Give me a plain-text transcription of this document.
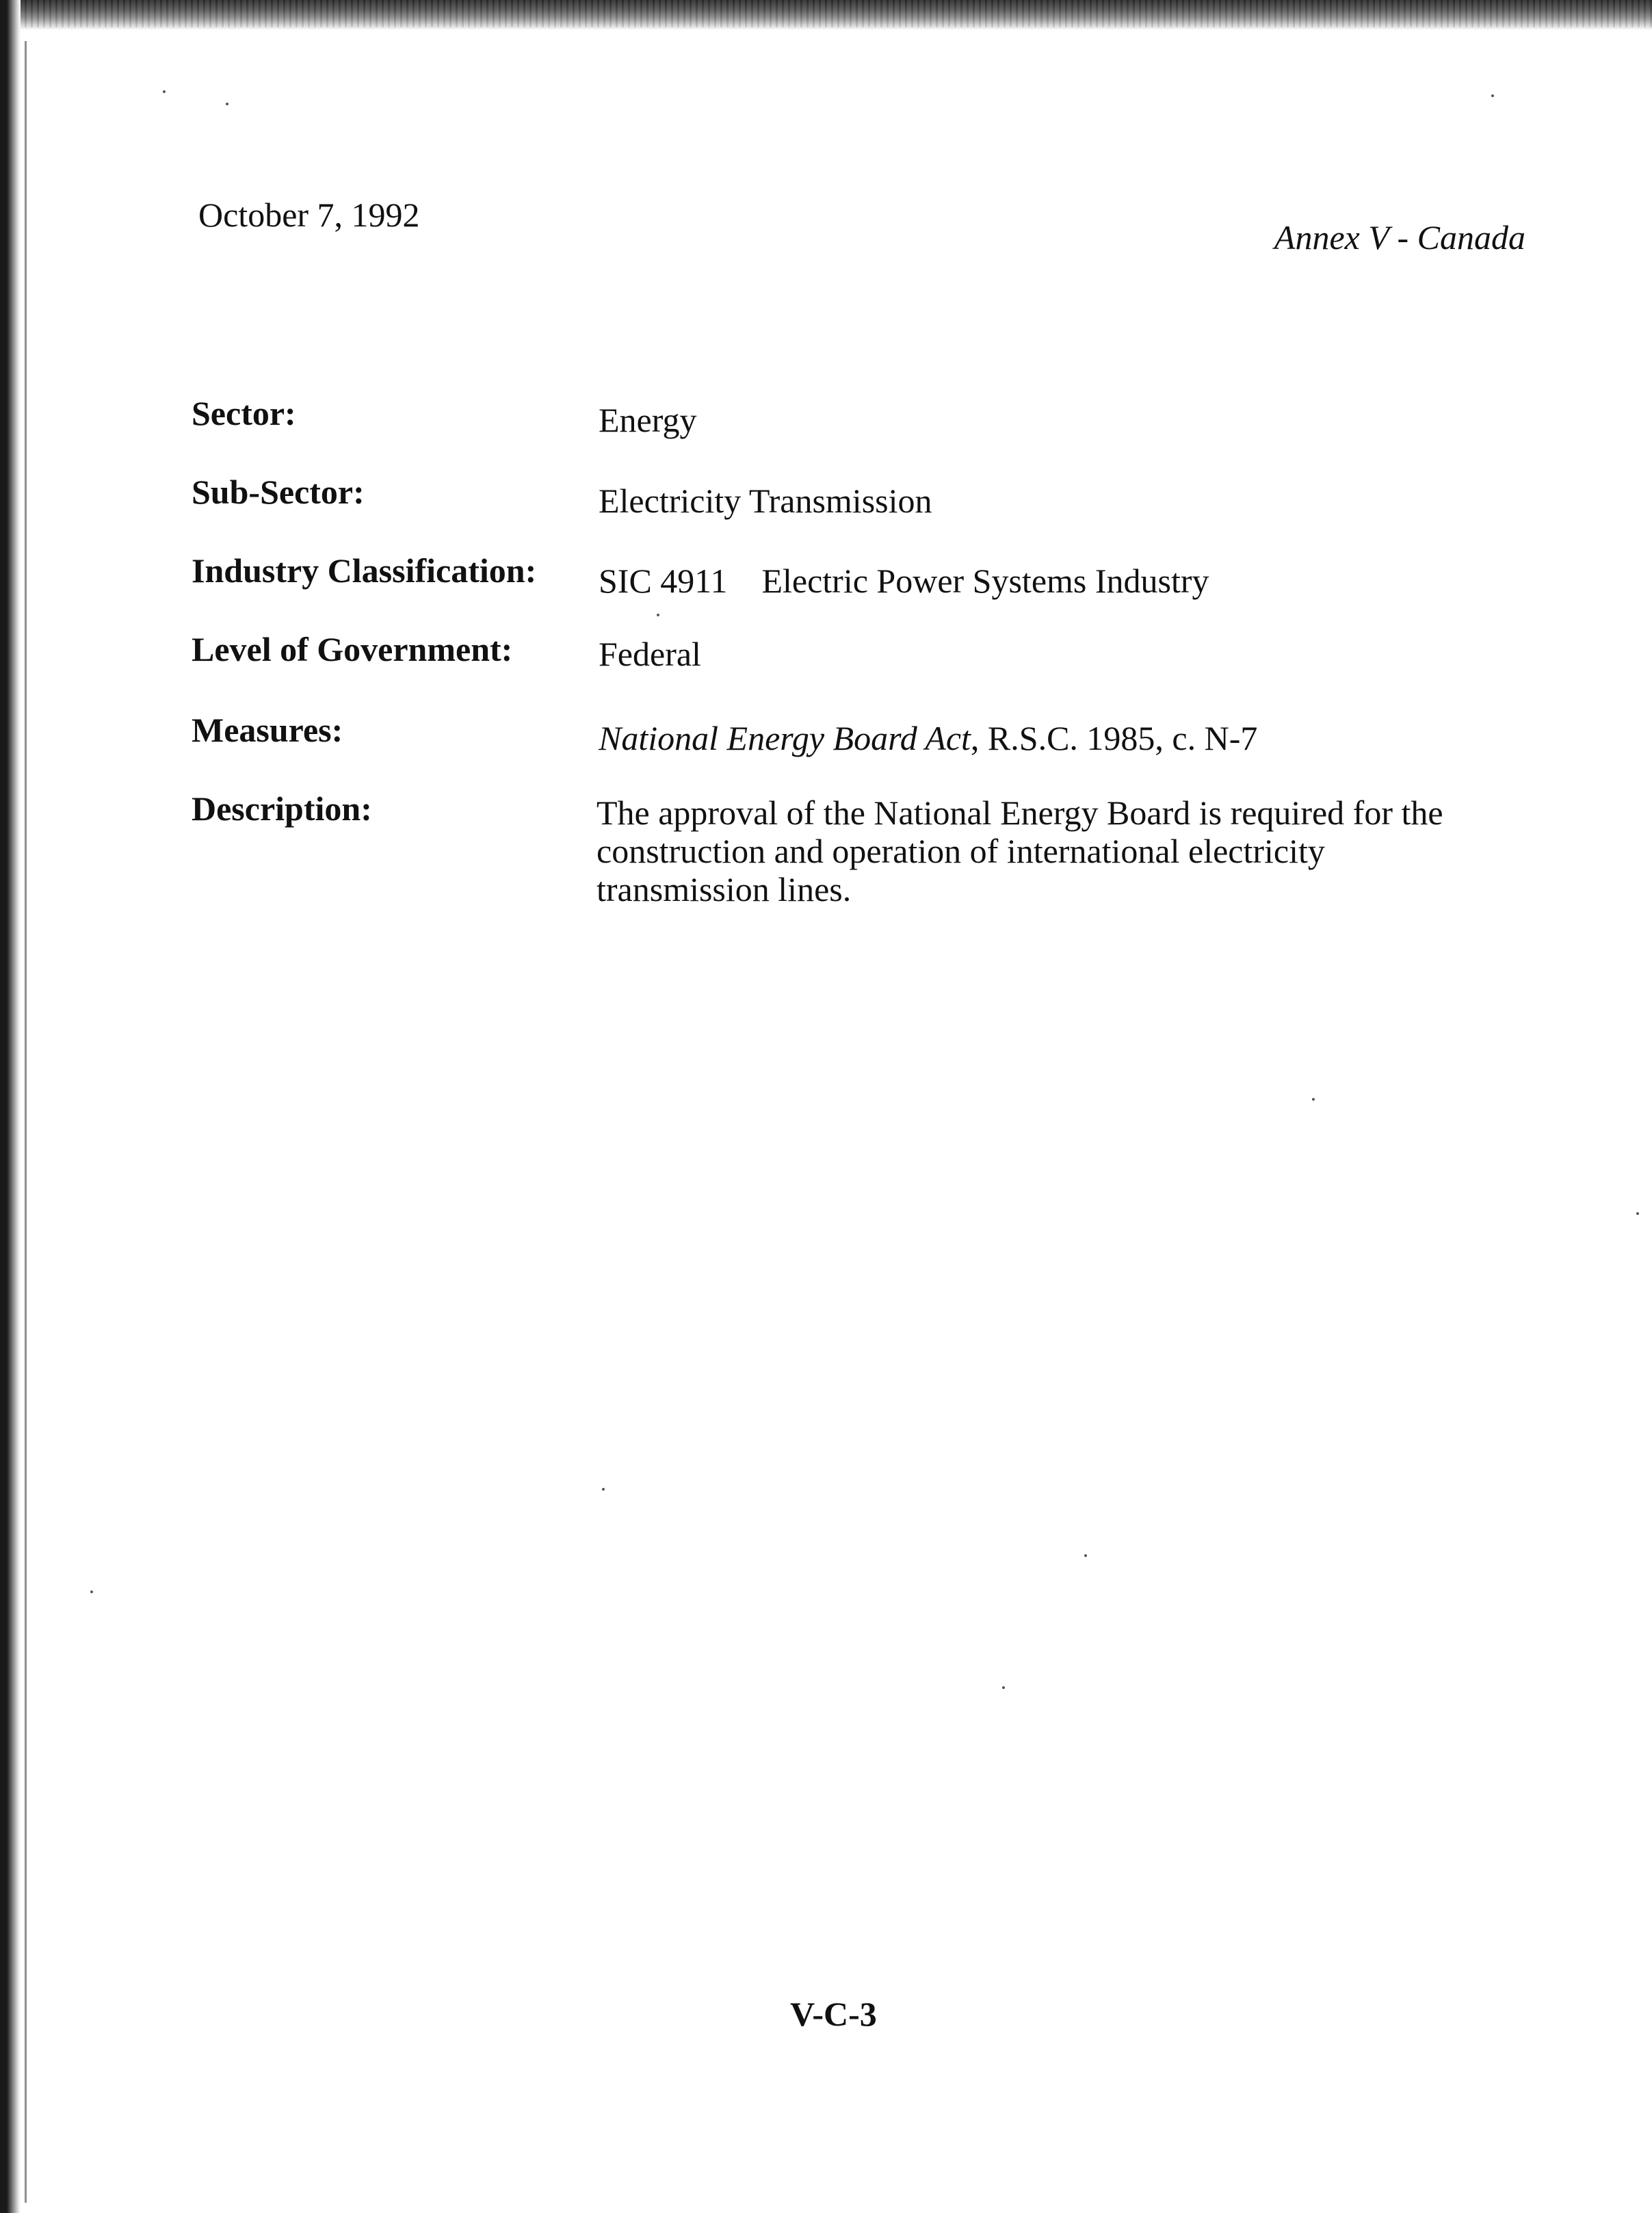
October 7, 1992
Annex V - Canada
Sector:	Energy
Sub-Sector:	Electricity Transmission
Industry Classification: SIC 4911 Electric Power Systems Industry
Level of Government:	Federal
Measures:	National Energy Board Act, R.S.C. 1985, c. N-7
Description:	The approval of the National Energy Board is required for the
construction and operation of international electricity
transmission lines.
V-C-3
